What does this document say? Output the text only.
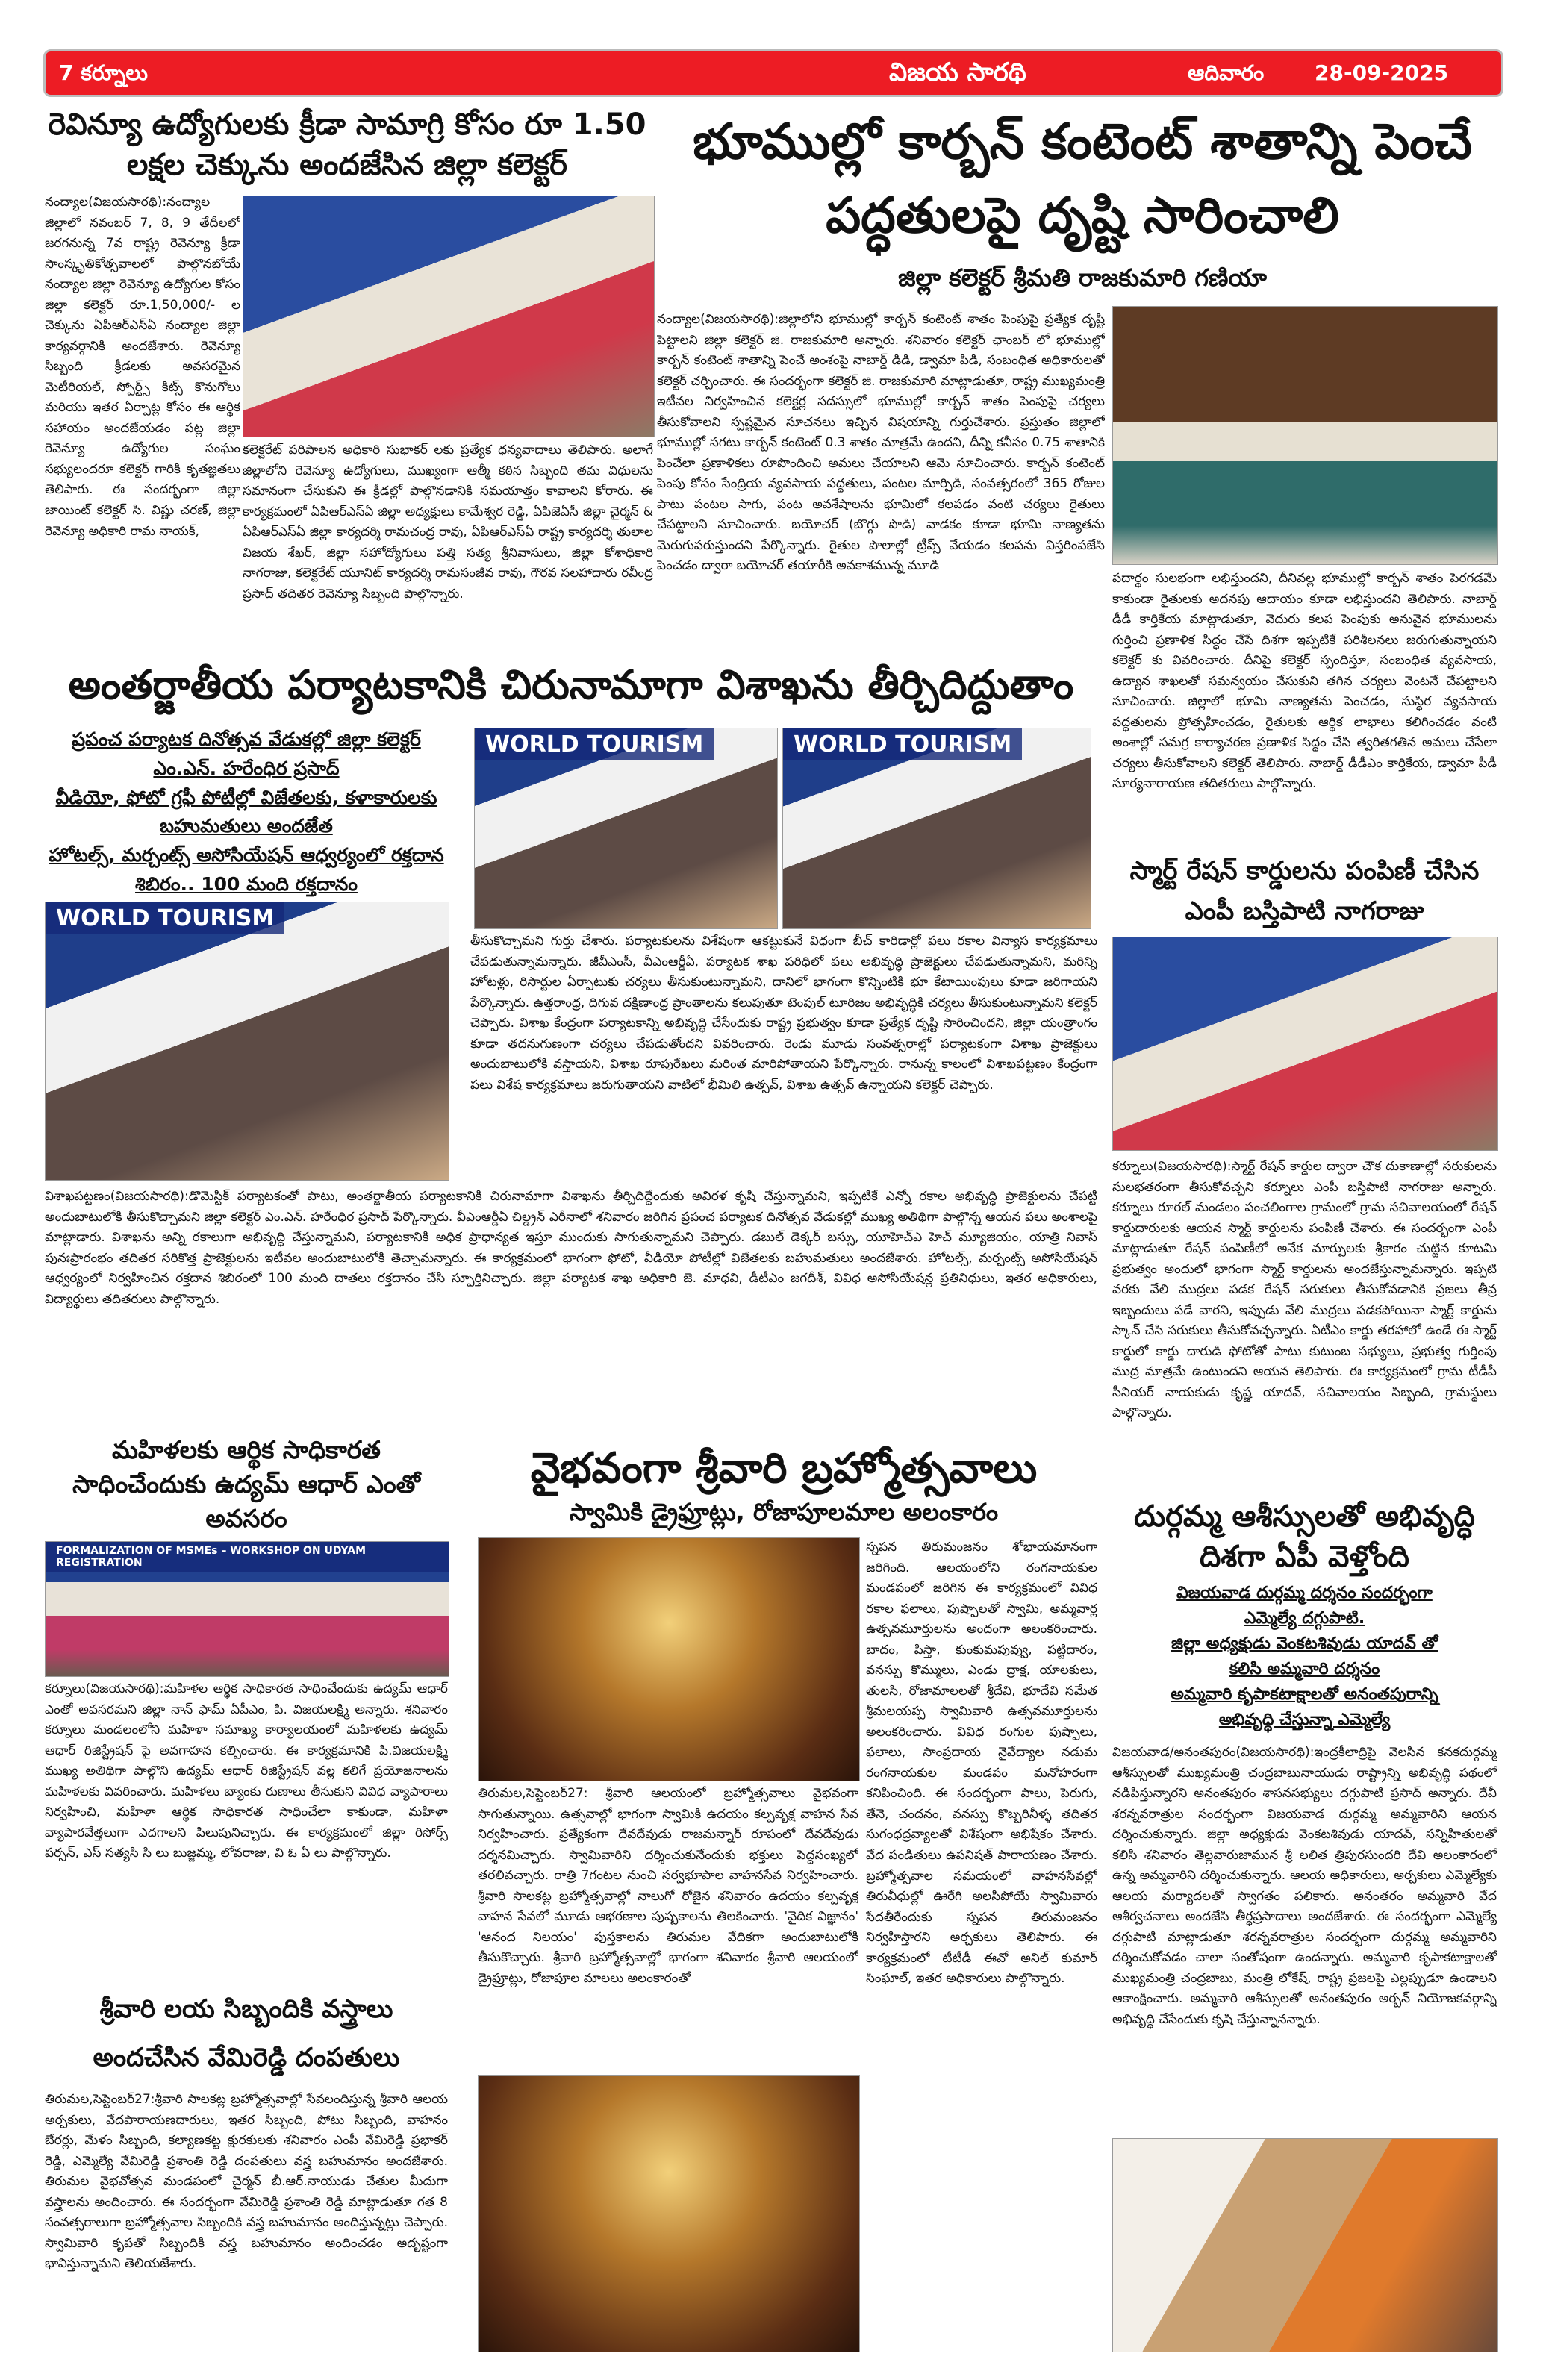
7 కర్నూలు	విజయ సారథి	ఆదివారం 28-09-2025
రెవిన్యూ ఉద్యోగులకు క్రీడా సామాగ్రి కోసం రూ 1.50 లక్షల చెక్కును అందజేసిన జిల్లా కలెక్టర్
నంద్యాల(విజయసారథి):నంద్యాల జిల్లాలో నవంబర్ 7, 8, 9 తేదీలలో జరగనున్న 7వ రాష్ట్ర రెవెన్యూ క్రీడా సాంస్కృతికోత్సవాలలో పాల్గొనబోయే నంద్యాల జిల్లా రెవెన్యూ ఉద్యోగుల కోసం జిల్లా కలెక్టర్ రూ.1,50,000/- ల చెక్కును ఏపిఆర్ఎస్ఏ నంద్యాల జిల్లా కార్యవర్గానికి అందజేశారు. రెవెన్యూ సిబ్బంది క్రీడలకు అవసరమైన మెటీరియల్, స్పోర్ట్స్ కిట్స్ కొనుగోలు మరియు ఇతర ఏర్పాట్ల కోసం ఈ ఆర్థిక సహాయం అందజేయడం పట్ల జిల్లా రెవెన్యూ ఉద్యోగుల సంఘం సభ్యులందరూ కలెక్టర్ గారికి కృతజ్ఞతలు తెలిపారు. ఈ సందర్భంగా జిల్లా జాయింట్ కలెక్టర్ సి. విష్ణు చరణ్, జిల్లా రెవెన్యూ అధికారి రామ నాయక్,
కలెక్టరేట్ పరిపాలన అధికారి సుభాకర్ లకు ప్రత్యేక ధన్యవాదాలు తెలిపారు. అలాగే జిల్లాలోని రెవెన్యూ ఉద్యోగులు, ముఖ్యంగా ఆత్మీ కఠిన సిబ్బంది తమ విధులను సమానంగా చేసుకుని ఈ క్రీడల్లో పాల్గొనడానికి సమయాత్తం కావాలని కోరారు. ఈ కార్యక్రమంలో ఏపిఆర్ఎస్ఏ జిల్లా అధ్యక్షులు కామేశ్వర రెడ్డి, ఏపిజెఏసీ జిల్లా చైర్మన్ & ఏపిఆర్ఎస్ఏ జిల్లా కార్యదర్శి రామచంద్ర రావు, ఏపిఆర్ఎస్ఏ రాష్ట్ర కార్యదర్శి తులాల విజయ శేఖర్, జిల్లా సహోద్యోగులు పత్తి సత్య శ్రీనివాసులు, జిల్లా కోశాధికారి నాగరాజు, కలెక్టరేట్ యూనిట్ కార్యదర్శి రామసంజీవ రావు, గౌరవ సలహాదారు రవీంద్ర ప్రసాద్ తదితర రెవెన్యూ సిబ్బంది పాల్గొన్నారు.
భూముల్లో కార్బన్ కంటెంట్ శాతాన్ని పెంచే పద్ధతులపై దృష్టి సారించాలి
జిల్లా కలెక్టర్ శ్రీమతి రాజకుమారి గణియా
నంద్యాల(విజయసారథి):జిల్లాలోని భూముల్లో కార్బన్ కంటెంట్ శాతం పెంపుపై ప్రత్యేక దృష్టి పెట్టాలని జిల్లా కలెక్టర్ జి. రాజకుమారి అన్నారు. శనివారం కలెక్టర్ ఛాంబర్ లో భూముల్లో కార్బన్ కంటెంట్ శాతాన్ని పెంచే అంశంపై నాబార్డ్ డిడి, డ్వామా పిడి, సంబంధిత అధికారులతో కలెక్టర్ చర్చించారు. ఈ సందర్భంగా కలెక్టర్ జి. రాజకుమారి మాట్లాడుతూ, రాష్ట్ర ముఖ్యమంత్రి ఇటీవల నిర్వహించిన కలెక్టర్ల సదస్సులో భూముల్లో కార్బన్ శాతం పెంపుపై చర్యలు తీసుకోవాలని స్పష్టమైన సూచనలు ఇచ్చిన విషయాన్ని గుర్తుచేశారు. ప్రస్తుతం జిల్లాలో భూముల్లో సగటు కార్బన్ కంటెంట్ 0.3 శాతం మాత్రమే ఉందని, దీన్ని కనీసం 0.75 శాతానికి పెంచేలా ప్రణాళికలు రూపొందించి అమలు చేయాలని ఆమె సూచించారు. కార్బన్ కంటెంట్ పెంపు కోసం సేంద్రియ వ్యవసాయ పద్ధతులు, పంటల మార్పిడి, సంవత్సరంలో 365 రోజుల పాటు పంటల సాగు, పంట అవశేషాలను భూమిలో కలపడం వంటి చర్యలు రైతులు చేపట్టాలని సూచించారు. బయోచర్ (బొగ్గు పొడి) వాడకం కూడా భూమి నాణ్యతను మెరుగుపరుస్తుందని పేర్కొన్నారు. రైతుల పొలాల్లో ట్రీప్స్ వేయడం కలపను విస్తరింపజేసి పెంచడం ద్వారా బయోచర్ తయారీకి అవకాశమున్న మూడి
పదార్థం సులభంగా లభిస్తుందని, దీనివల్ల భూముల్లో కార్బన్ శాతం పెరగడమే కాకుండా రైతులకు అదనపు ఆదాయం కూడా లభిస్తుందని తెలిపారు. నాబార్డ్ డీడీ కార్తికేయ మాట్లాడుతూ, వెదురు కలప పెంపుకు అనువైన భూములను గుర్తించి ప్రణాళిక సిద్ధం చేసే దిశగా ఇప్పటికే పరిశీలనలు జరుగుతున్నాయని కలెక్టర్ కు వివరించారు. దీనిపై కలెక్టర్ స్పందిస్తూ, సంబంధిత వ్యవసాయ, ఉద్యాన శాఖలతో సమన్వయం చేసుకుని తగిన చర్యలు వెంటనే చేపట్టాలని సూచించారు. జిల్లాలో భూమి నాణ్యతను పెంచడం, సుస్థిర వ్యవసాయ పద్ధతులను ప్రోత్సహించడం, రైతులకు ఆర్థిక లాభాలు కలిగించడం వంటి అంశాల్లో సమగ్ర కార్యాచరణ ప్రణాళిక సిద్ధం చేసి త్వరితగతిన అమలు చేసేలా చర్యలు తీసుకోవాలని కలెక్టర్ తెలిపారు. నాబార్డ్ డీడీఎం కార్తికేయ, డ్వామా పీడీ సూర్యనారాయణ తదితరులు పాల్గొన్నారు.
అంతర్జాతీయ పర్యాటకానికి చిరునామాగా విశాఖను తీర్చిదిద్దుతాం
ప్రపంచ పర్యాటక దినోత్సవ వేడుకల్లో జిల్లా కలెక్టర్
ఎం.ఎన్. హరేంధిర ప్రసాద్
వీడియో, ఫోటో గ్రఫీ పోటీల్లో విజేతలకు, కళాకారులకు
బహుమతులు అందజేత
హోటల్స్, మర్చంట్స్ అసోసియేషన్ ఆధ్వర్యంలో రక్తదాన
శిబిరం.. 100 మంది రక్తదానం
WORLD TOURISM	WORLD TOURISM
WORLD TOURISM
తీసుకొచ్చామని గుర్తు చేశారు. పర్యాటకులను విశేషంగా ఆకట్టుకునే విధంగా బీచ్ కారిడార్లో పలు రకాల విన్యాస కార్యక్రమాలు చేపడుతున్నామన్నారు. జీవీఎంసీ, వీఎంఆర్డీఏ, పర్యాటక శాఖ పరిధిలో పలు అభివృద్ధి ప్రాజెక్టులు చేపడుతున్నామని, మరిన్ని హోటళ్లు, రిసార్టుల ఏర్పాటుకు చర్యలు తీసుకుంటున్నామని, దానిలో భాగంగా కొన్నింటికి భూ కేటాయింపులు కూడా జరిగాయని పేర్కొన్నారు. ఉత్తరాంధ్ర, దిగువ దక్షిణాంధ్ర ప్రాంతాలను కలుపుతూ టెంపుల్ టూరిజం అభివృద్ధికి చర్యలు తీసుకుంటున్నామని కలెక్టర్ చెప్పారు. విశాఖ కేంద్రంగా పర్యాటకాన్ని అభివృద్ధి చేసేందుకు రాష్ట్ర ప్రభుత్వం కూడా ప్రత్యేక దృష్టి సారించిందని, జిల్లా యంత్రాంగం కూడా తదనుగుణంగా చర్యలు చేపడుతోందని వివరించారు. రెండు మూడు సంవత్సరాల్లో పర్యాటకంగా విశాఖ ప్రాజెక్టులు అందుబాటులోకి వస్తాయని, విశాఖ రూపురేఖలు మరింత మారిపోతాయని పేర్కొన్నారు. రానున్న కాలంలో విశాఖపట్టణం కేంద్రంగా పలు విశేష కార్యక్రమాలు జరుగుతాయని వాటిలో భీమిలి ఉత్సవ్, విశాఖ ఉత్సవ్ ఉన్నాయని కలెక్టర్ చెప్పారు.
విశాఖపట్టణం(విజయసారథి):డొమెస్టిక్ పర్యాటకంతో పాటు, అంతర్జాతీయ పర్యాటకానికి చిరునామాగా విశాఖను తీర్చిదిద్దేందుకు అవిరళ కృషి చేస్తున్నామని, ఇప్పటికే ఎన్నో రకాల అభివృద్ధి ప్రాజెక్టులను చేపట్టి అందుబాటులోకి తీసుకొచ్చామని జిల్లా కలెక్టర్ ఎం.ఎన్. హరేంధిర ప్రసాద్ పేర్కొన్నారు. వీఎంఆర్డీఏ చిల్డ్రన్ ఎరీనాలో శనివారం జరిగిన ప్రపంచ పర్యాటక దినోత్సవ వేడుకల్లో ముఖ్య అతిథిగా పాల్గొన్న ఆయన పలు అంశాలపై మాట్లాడారు. విశాఖను అన్ని రకాలుగా అభివృద్ధి చేస్తున్నామని, పర్యాటకానికి అధిక ప్రాధాన్యత ఇస్తూ ముందుకు సాగుతున్నామని చెప్పారు. డబుల్ డెక్కర్ బస్సు, యూహెచ్ఎ హెచ్ మ్యూజియం, యాత్రి నివాస్ పునఃప్రారంభం తదితర సరికొత్త ప్రాజెక్టులను ఇటీవల అందుబాటులోకి తెచ్చామన్నారు. ఈ కార్యక్రమంలో భాగంగా ఫోటో, వీడియో పోటీల్లో విజేతలకు బహుమతులు అందజేశారు. హోటల్స్, మర్చంట్స్ అసోసియేషన్ ఆధ్వర్యంలో నిర్వహించిన రక్తదాన శిబిరంలో 100 మంది దాతలు రక్తదానం చేసి స్ఫూర్తినిచ్చారు. జిల్లా పర్యాటక శాఖ అధికారి జె. మాధవి, డీటీఎం జగదీశ్, వివిధ అసోసియేషన్ల ప్రతినిధులు, ఇతర అధికారులు, విద్యార్థులు తదితరులు పాల్గొన్నారు.
స్మార్ట్ రేషన్ కార్డులను పంపిణీ చేసిన ఎంపీ బస్తిపాటి నాగరాజు
కర్నూలు(విజయసారథి):స్మార్ట్ రేషన్ కార్డుల ద్వారా చౌక దుకాణాల్లో సరుకులను సులభతరంగా తీసుకోవచ్చని కర్నూలు ఎంపీ బస్తిపాటి నాగరాజు అన్నారు. కర్నూలు రూరల్ మండలం పంచలింగాల గ్రామంలో గ్రామ సచివాలయంలో రేషన్ కార్డుదారులకు ఆయన స్మార్ట్ కార్డులను పంపిణీ చేశారు. ఈ సందర్భంగా ఎంపీ మాట్లాడుతూ రేషన్ పంపిణీలో అనేక మార్పులకు శ్రీకారం చుట్టిన కూటమి ప్రభుత్వం అందులో భాగంగా స్మార్ట్ కార్డులను అందజేస్తున్నామన్నారు. ఇప్పటి వరకు వేలి ముద్రలు పడక రేషన్ సరుకులు తీసుకోవడానికి ప్రజలు తీవ్ర ఇబ్బందులు పడే వారని, ఇప్పుడు వేలి ముద్రలు పడకపోయినా స్మార్ట్ కార్డును స్కాన్ చేసి సరుకులు తీసుకోవచ్చన్నారు. ఏటీఎం కార్డు తరహాలో ఉండే ఈ స్మార్ట్ కార్డులో కార్డు దారుడి ఫోటోతో పాటు కుటుంబ సభ్యులు, ప్రభుత్వ గుర్తింపు ముద్ర మాత్రమే ఉంటుందని ఆయన తెలిపారు. ఈ కార్యక్రమంలో గ్రామ టీడీపీ సీనియర్ నాయకుడు కృష్ణ యాదవ్, సచివాలయం సిబ్బంది, గ్రామస్థులు పాల్గొన్నారు.
మహిళలకు ఆర్థిక సాధికారత సాధించేందుకు ఉద్యమ్ ఆధార్ ఎంతో అవసరం
FORMALIZATION OF MSMEs – WORKSHOP ON UDYAM REGISTRATION
కర్నూలు(విజయసారథి):మహిళల ఆర్థిక సాధికారత సాధించేందుకు ఉద్యమ్ ఆధార్ ఎంతో అవసరమని జిల్లా నాన్ ఫామ్ ఏపీఎం, పి. విజయలక్ష్మి అన్నారు. శనివారం కర్నూలు మండలంలోని మహిళా సమాఖ్య కార్యాలయంలో మహిళలకు ఉద్యమ్ ఆధార్ రిజిస్ట్రేషన్ పై అవగాహన కల్పించారు. ఈ కార్యక్రమానికి పి.విజయలక్ష్మి ముఖ్య అతిథిగా పాల్గొని ఉద్యమ్ ఆధార్ రిజిస్ట్రేషన్ వల్ల కలిగే ప్రయోజనాలను మహిళలకు వివరించారు. మహిళలు బ్యాంకు రుణాలు తీసుకుని వివిధ వ్యాపారాలు నిర్వహించి, మహిళా ఆర్థిక సాధికారత సాధించేలా కాకుండా, మహిళా వ్యాపారవేత్తలుగా ఎదగాలని పిలుపునిచ్చారు. ఈ కార్యక్రమంలో జిల్లా రిసోర్స్ పర్సన్, ఎస్ సత్యసి సి లు బుజ్జమ్మ, లోవరాజు, వి ఓ ఏ లు పాల్గొన్నారు.
వైభవంగా శ్రీవారి బ్రహ్మోత్సవాలు
స్వామికి డ్రైఫ్రూట్లు, రోజాపూలమాల అలంకారం
తిరుమల,సెప్టెంబర్27: శ్రీవారి ఆలయంలో బ్రహ్మోత్సవాలు వైభవంగా సాగుతున్నాయి. ఉత్సవాల్లో భాగంగా స్వామికి ఉదయం కల్పవృక్ష వాహన సేవ నిర్వహించారు. ప్రత్యేకంగా దేవదేవుడు రాజమన్నార్ రూపంలో దేవదేవుడు దర్శనమిచ్చారు. స్వామివారిని దర్శించుకునేందుకు భక్తులు పెద్దసంఖ్యలో తరలివచ్చారు. రాత్రి 7గంటల నుంచి సర్వభూపాల వాహనసేవ నిర్వహించారు. శ్రీవారి సాలకట్ల బ్రహ్మోత్సవాల్లో నాలుగో రోజైన శనివారం ఉదయం కల్పవృక్ష వాహన సేవలో మూడు ఆభరణాల పుష్పకాలను తిలకించారు. 'వైదిక విజ్ఞానం' 'ఆనంద నిలయం' పుస్తకాలను తిరుమల వేదికగా అందుబాటులోకి తీసుకొచ్చారు. శ్రీవారి బ్రహ్మోత్సవాల్లో భాగంగా శనివారం శ్రీవారి ఆలయంలో డ్రైఫ్రూట్లు, రోజాపూల మాలలు అలంకారంతో
స్నపన తిరుమంజనం శోభాయమానంగా జరిగింది. ఆలయంలోని రంగనాయకుల మండపంలో జరిగిన ఈ కార్యక్రమంలో వివిధ రకాల ఫలాలు, పుష్పాలతో స్వామి, అమ్మవార్ల ఉత్సవమూర్తులను అందంగా అలంకరించారు. బాదం, పిస్తా, కుంకుమపువ్వు, పట్టిదారం, వనస్పు కొమ్ములు, ఎండు ద్రాక్ష, యాలకులు, తులసి, రోజామాలలతో శ్రీదేవి, భూదేవి సమేత శ్రీమలయప్ప స్వామివారి ఉత్సవమూర్తులను అలంకరించారు. వివిధ రంగుల పుష్పాలు, ఫలాలు, సాంప్రదాయ నైవేద్యాల నడుమ రంగనాయకుల మండపం మనోహరంగా కనిపించింది. ఈ సందర్భంగా పాలు, పెరుగు, తేనె, చందనం, వనస్పు కొబ్బరినీళ్ళ తదితర సుగంధద్రవ్యాలతో విశేషంగా అభిషేకం చేశారు. వేద పండితులు ఉపనిషత్ పారాయణం చేశారు. బ్రహ్మోత్సవాల సమయంలో వాహనసేవల్లో తిరువీధుల్లో ఊరేగి అలసిపోయే స్వామివారు సేదతీరేందుకు స్నపన తిరుమంజనం నిర్వహిస్తారని అర్చకులు తెలిపారు. ఈ కార్యక్రమంలో టీటీడీ ఈవో అనిల్ కుమార్ సింఘాల్, ఇతర అధికారులు పాల్గొన్నారు.
శ్రీవారి లయ సిబ్బందికి వస్త్రాలు అందచేసిన వేమిరెడ్డి దంపతులు
తిరుమల,సెప్టెంబర్27:శ్రీవారి సాలకట్ల బ్రహ్మోత్సవాల్లో సేవలందిస్తున్న శ్రీవారి ఆలయ అర్చకులు, వేదపారాయణదారులు, ఇతర సిబ్బంది, పోటు సిబ్బంది, వాహనం బేరర్లు, మేళం సిబ్బంది, కల్యాణకట్ట క్షురకులకు శనివారం ఎంపీ వేమిరెడ్డి ప్రభాకర్ రెడ్డి, ఎమ్మెల్యే వేమిరెడ్డి ప్రశాంతి రెడ్డి దంపతులు వస్త్ర బహుమానం అందజేశారు. తిరుమల వైభవోత్సవ మండపంలో చైర్మన్ బీ.ఆర్.నాయుడు చేతుల మీదుగా వస్త్రాలను అందించారు. ఈ సందర్భంగా వేమిరెడ్డి ప్రశాంతి రెడ్డి మాట్లాడుతూ గత 8 సంవత్సరాలుగా బ్రహ్మోత్సవాల సిబ్బందికి వస్త్ర బహుమానం అందిస్తున్నట్లు చెప్పారు. స్వామివారి కృపతో సిబ్బందికి వస్త్ర బహుమానం అందించడం అదృష్టంగా భావిస్తున్నామని తెలియజేశారు.
దుర్గమ్మ ఆశీస్సులతో అభివృద్ధి దిశగా ఏపీ వెళ్తోంది
విజయవాడ దుర్గమ్మ దర్శనం సందర్భంగా
ఎమ్మెల్యే దగ్గుపాటి.
జిల్లా అధ్యక్షుడు వెంకటశివుడు యాదవ్ తో
కలిసి అమ్మవారి దర్శనం
అమ్మవారి కృపాకటాక్షాలతో అనంతపురాన్ని
అభివృద్ధి చేస్తున్నా ఎమ్మెల్యే
విజయవాడ/అనంతపురం(విజయసారథి):ఇంద్రకీలాద్రిపై వెలసిన కనకదుర్గమ్మ ఆశీస్సులతో ముఖ్యమంత్రి చంద్రబాబునాయుడు రాష్ట్రాన్ని అభివృద్ధి పథంలో నడిపిస్తున్నారని అనంతపురం శాసనసభ్యులు దగ్గుపాటి ప్రసాద్ అన్నారు. దేవీ శరన్నవరాత్రుల సందర్భంగా విజయవాడ దుర్గమ్మ అమ్మవారిని ఆయన దర్శించుకున్నారు. జిల్లా అధ్యక్షుడు వెంకటశివుడు యాదవ్, సన్నిహితులతో కలిసి శనివారం తెల్లవారుజామున శ్రీ లలిత త్రిపురసుందరి దేవి అలంకారంలో ఉన్న అమ్మవారిని దర్శించుకున్నారు. ఆలయ అధికారులు, అర్చకులు ఎమ్మెల్యేకు ఆలయ మర్యాదలతో స్వాగతం పలికారు. అనంతరం అమ్మవారి వేద ఆశీర్వచనాలు అందజేసి తీర్థప్రసాదాలు అందజేశారు. ఈ సందర్భంగా ఎమ్మెల్యే దగ్గుపాటి మాట్లాడుతూ శరన్నవరాత్రుల సందర్భంగా దుర్గమ్మ అమ్మవారిని దర్శించుకోవడం చాలా సంతోషంగా ఉందన్నారు. అమ్మవారి కృపాకటాక్షాలతో ముఖ్యమంత్రి చంద్రబాబు, మంత్రి లోకేష్, రాష్ట్ర ప్రజలపై ఎల్లప్పుడూ ఉండాలని ఆకాంక్షించారు. అమ్మవారి ఆశీస్సులతో అనంతపురం అర్బన్ నియోజకవర్గాన్ని అభివృద్ధి చేసేందుకు కృషి చేస్తున్నానన్నారు.
